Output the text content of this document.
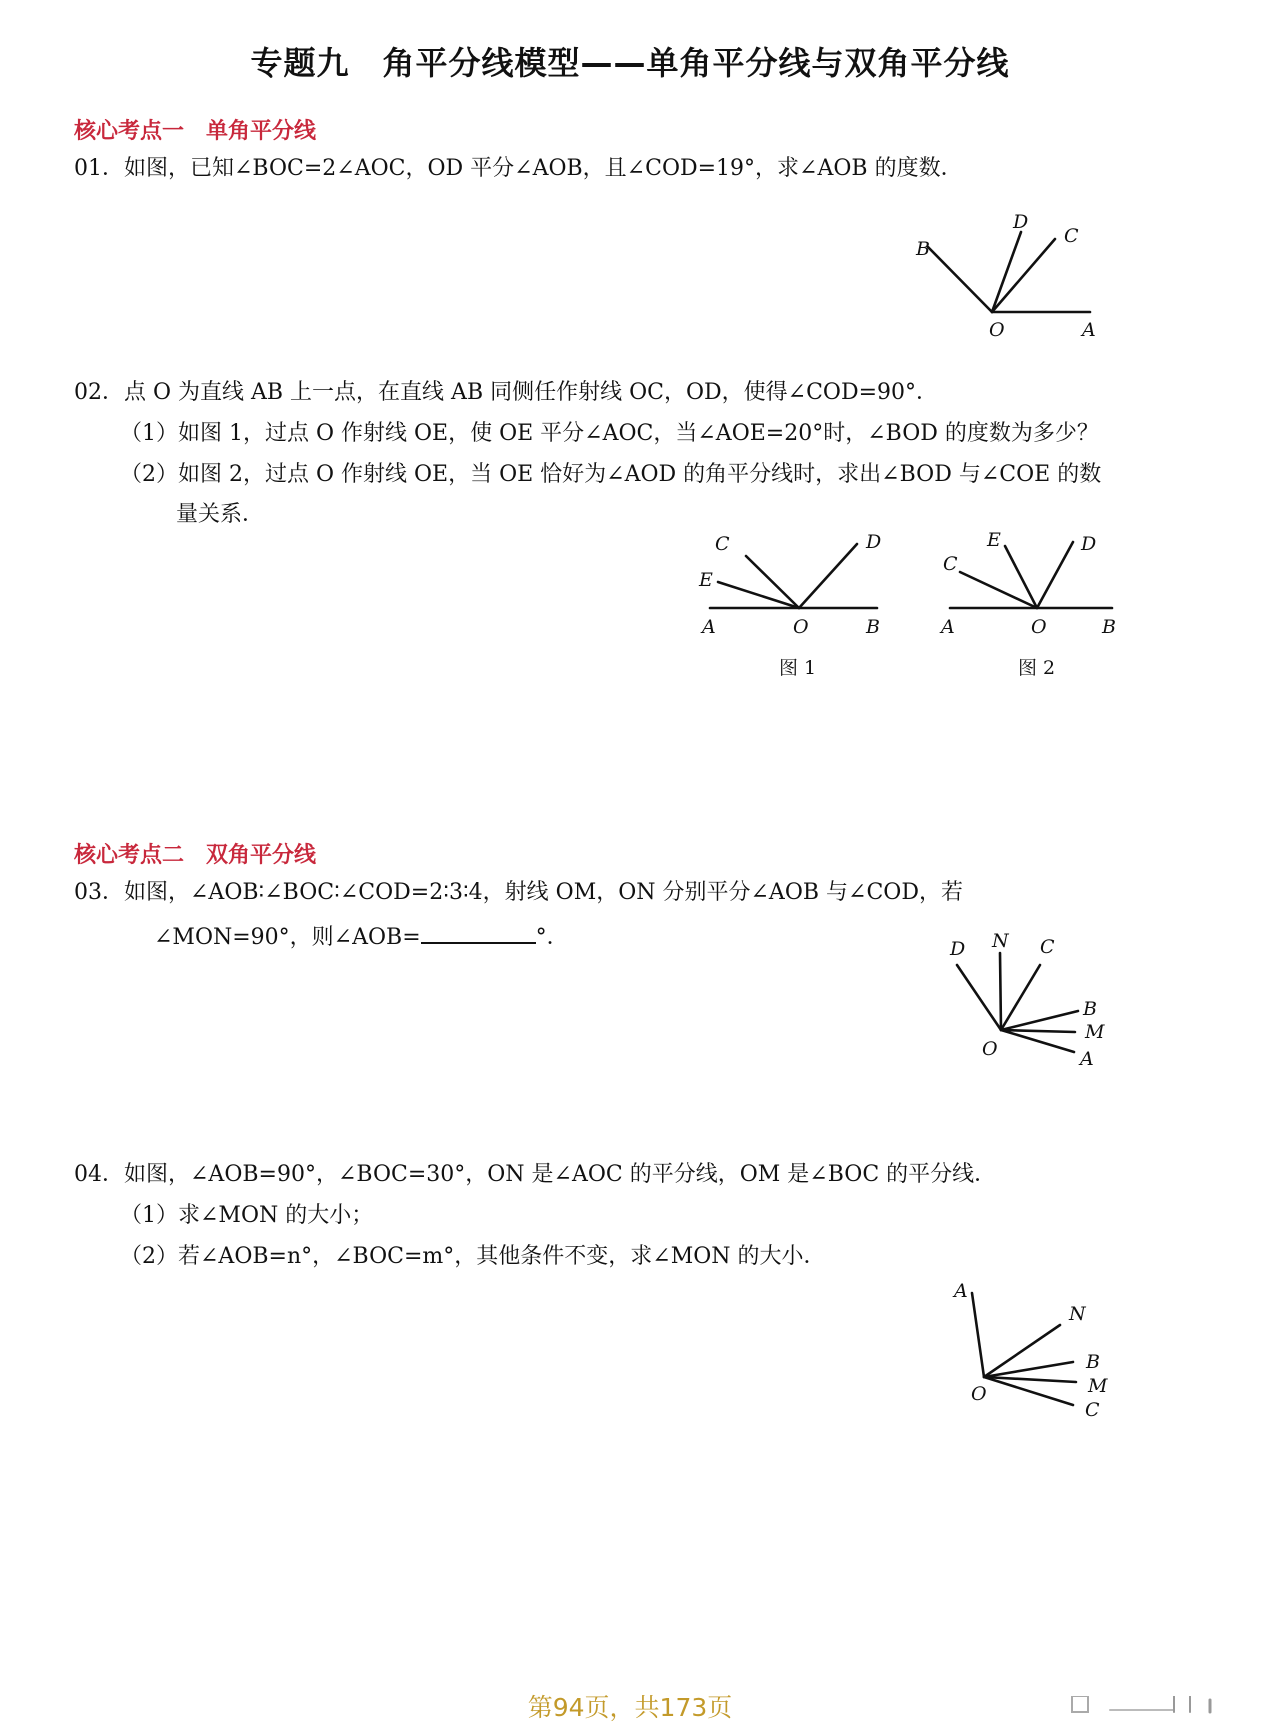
专题九　角平分线模型——单角平分线与双角平分线
核心考点一　单角平分线
01．如图，已知∠BOC=2∠AOC，OD 平分∠AOB，且∠COD=19°，求∠AOB 的度数．
B
D
C
O	A
02．点 O 为直线 AB 上一点，在直线 AB 同侧任作射线 OC，OD，使得∠COD=90°．
（1）如图 1，过点 O 作射线 OE，使 OE 平分∠AOC，当∠AOE=20°时，∠BOD 的度数为多少？
（2）如图 2，过点 O 作射线 OE，当 OE 恰好为∠AOD 的角平分线时，求出∠BOD 与∠COE 的数
量关系．
C
E
D
A	O	B
图 1
E
C
D
A	O	B
图 2
核心考点二　双角平分线
03．如图，∠AOB∶∠BOC∶∠COD=2∶3∶4，射线 OM，ON 分别平分∠AOB 与∠COD，若
∠MON=90°，则∠AOB=	°．	D N C
B
M
O	A
04．如图，∠AOB=90°，∠BOC=30°，ON 是∠AOC 的平分线，OM 是∠BOC 的平分线．
（1）求∠MON 的大小；
（2）若∠AOB=n°，∠BOC=m°，其他条件不变，求∠MON 的大小．
A
N
B
M
O
C
第94页，共173页
